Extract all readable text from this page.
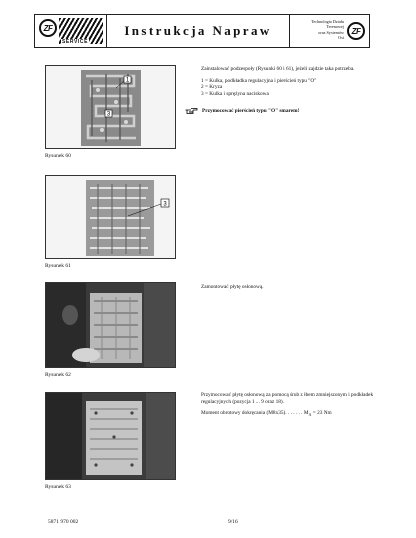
ZF
SERVICE
Instrukcja Napraw
Technologia Działu
Terenowej
oraz Systemów
Osi
ZF
1
3
Rysunek 60
3
Rysunek 61
Rysunek 62
Rysunek 63

Zainstalować podzespoły (Rysunki 60 i 61), jeżeli zajdzie taka potrzeba.

1 = Kulka, podkładka regulacyjna i pierścień typu "O"
2 = Kryza
3 = Kulka i sprężyna naciskowa

Przymocować pierścień typu "O" smarem!

Zamontować płytę osłonową.

Przymocować płytę osłonową za pomocą śrub z łbem zmniejszonym i podkładek regulacyjnych (pozycja 1 ... 9 oraz 18).

Moment obrotowy dokręcania (M8x35). . . . . . . $M_A = 23$ Nm

5871 970 002	9/16
